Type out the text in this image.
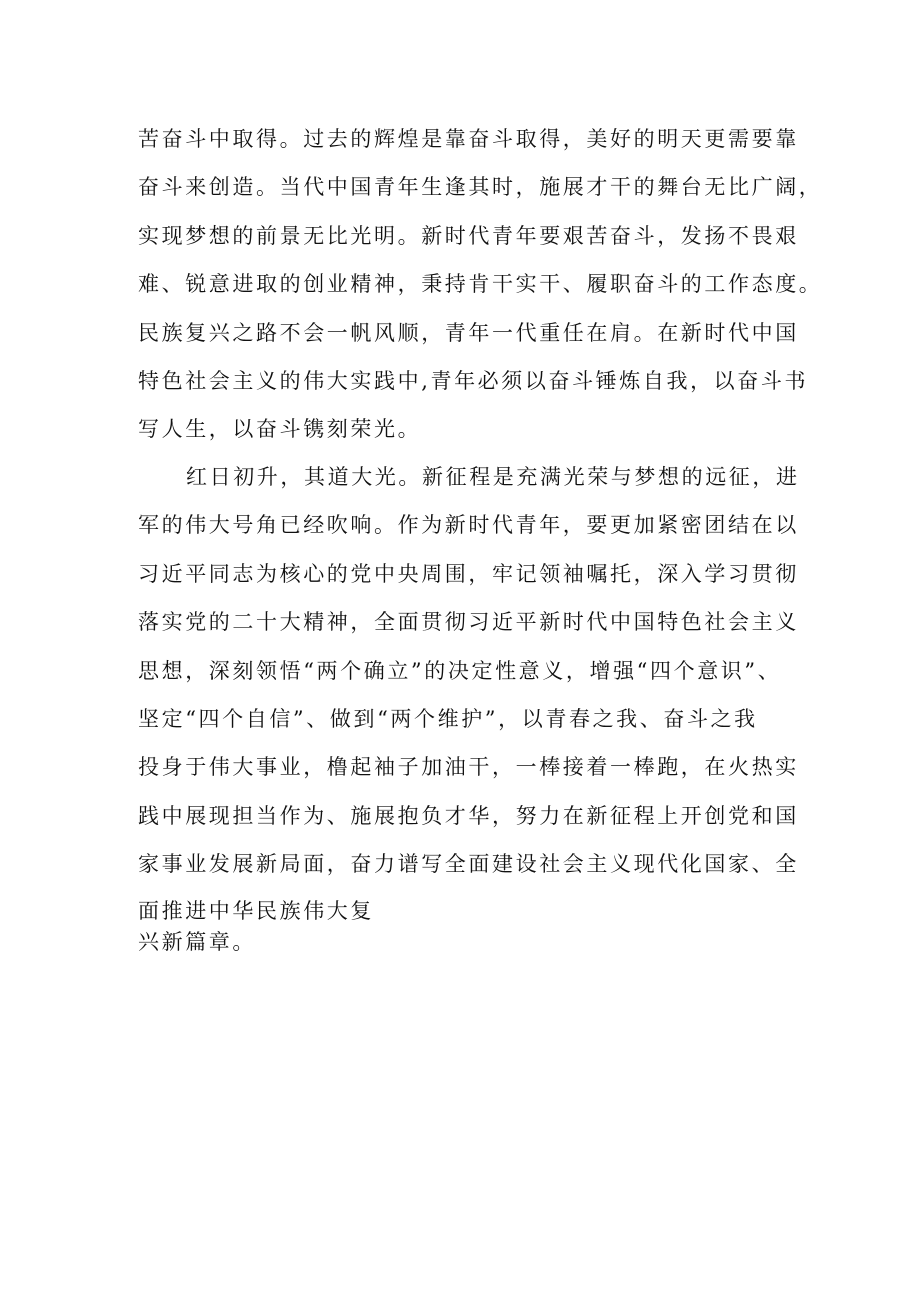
苦奋斗中取得。过去的辉煌是靠奋斗取得，美好的明天更需要靠
奋斗来创造。当代中国青年生逢其时，施展才干的舞台无比广阔，
实现梦想的前景无比光明。新时代青年要艰苦奋斗，发扬不畏艰
难、锐意进取的创业精神，秉持肯干实干、履职奋斗的工作态度。
民族复兴之路不会一帆风顺，青年一代重任在肩。在新时代中国
特色社会主义的伟大实践中,青年必须以奋斗锤炼自我，以奋斗书
写人生，以奋斗镌刻荣光。
红日初升，其道大光。新征程是充满光荣与梦想的远征，进
军的伟大号角已经吹响。作为新时代青年，要更加紧密团结在以
习近平同志为核心的党中央周围，牢记领袖嘱托，深入学习贯彻
落实党的二十大精神，全面贯彻习近平新时代中国特色社会主义
思想，深刻领悟“两个确立”的决定性意义，增强“四个意识”、
坚定“四个自信”、做到“两个维护”，以青春之我、奋斗之我
投身于伟大事业，橹起袖子加油干，一棒接着一棒跑，在火热实
践中展现担当作为、施展抱负才华，努力在新征程上开创党和国
家事业发展新局面，奋力谱写全面建设社会主义现代化国家、全
面推进中华民族伟大复
兴新篇章。
